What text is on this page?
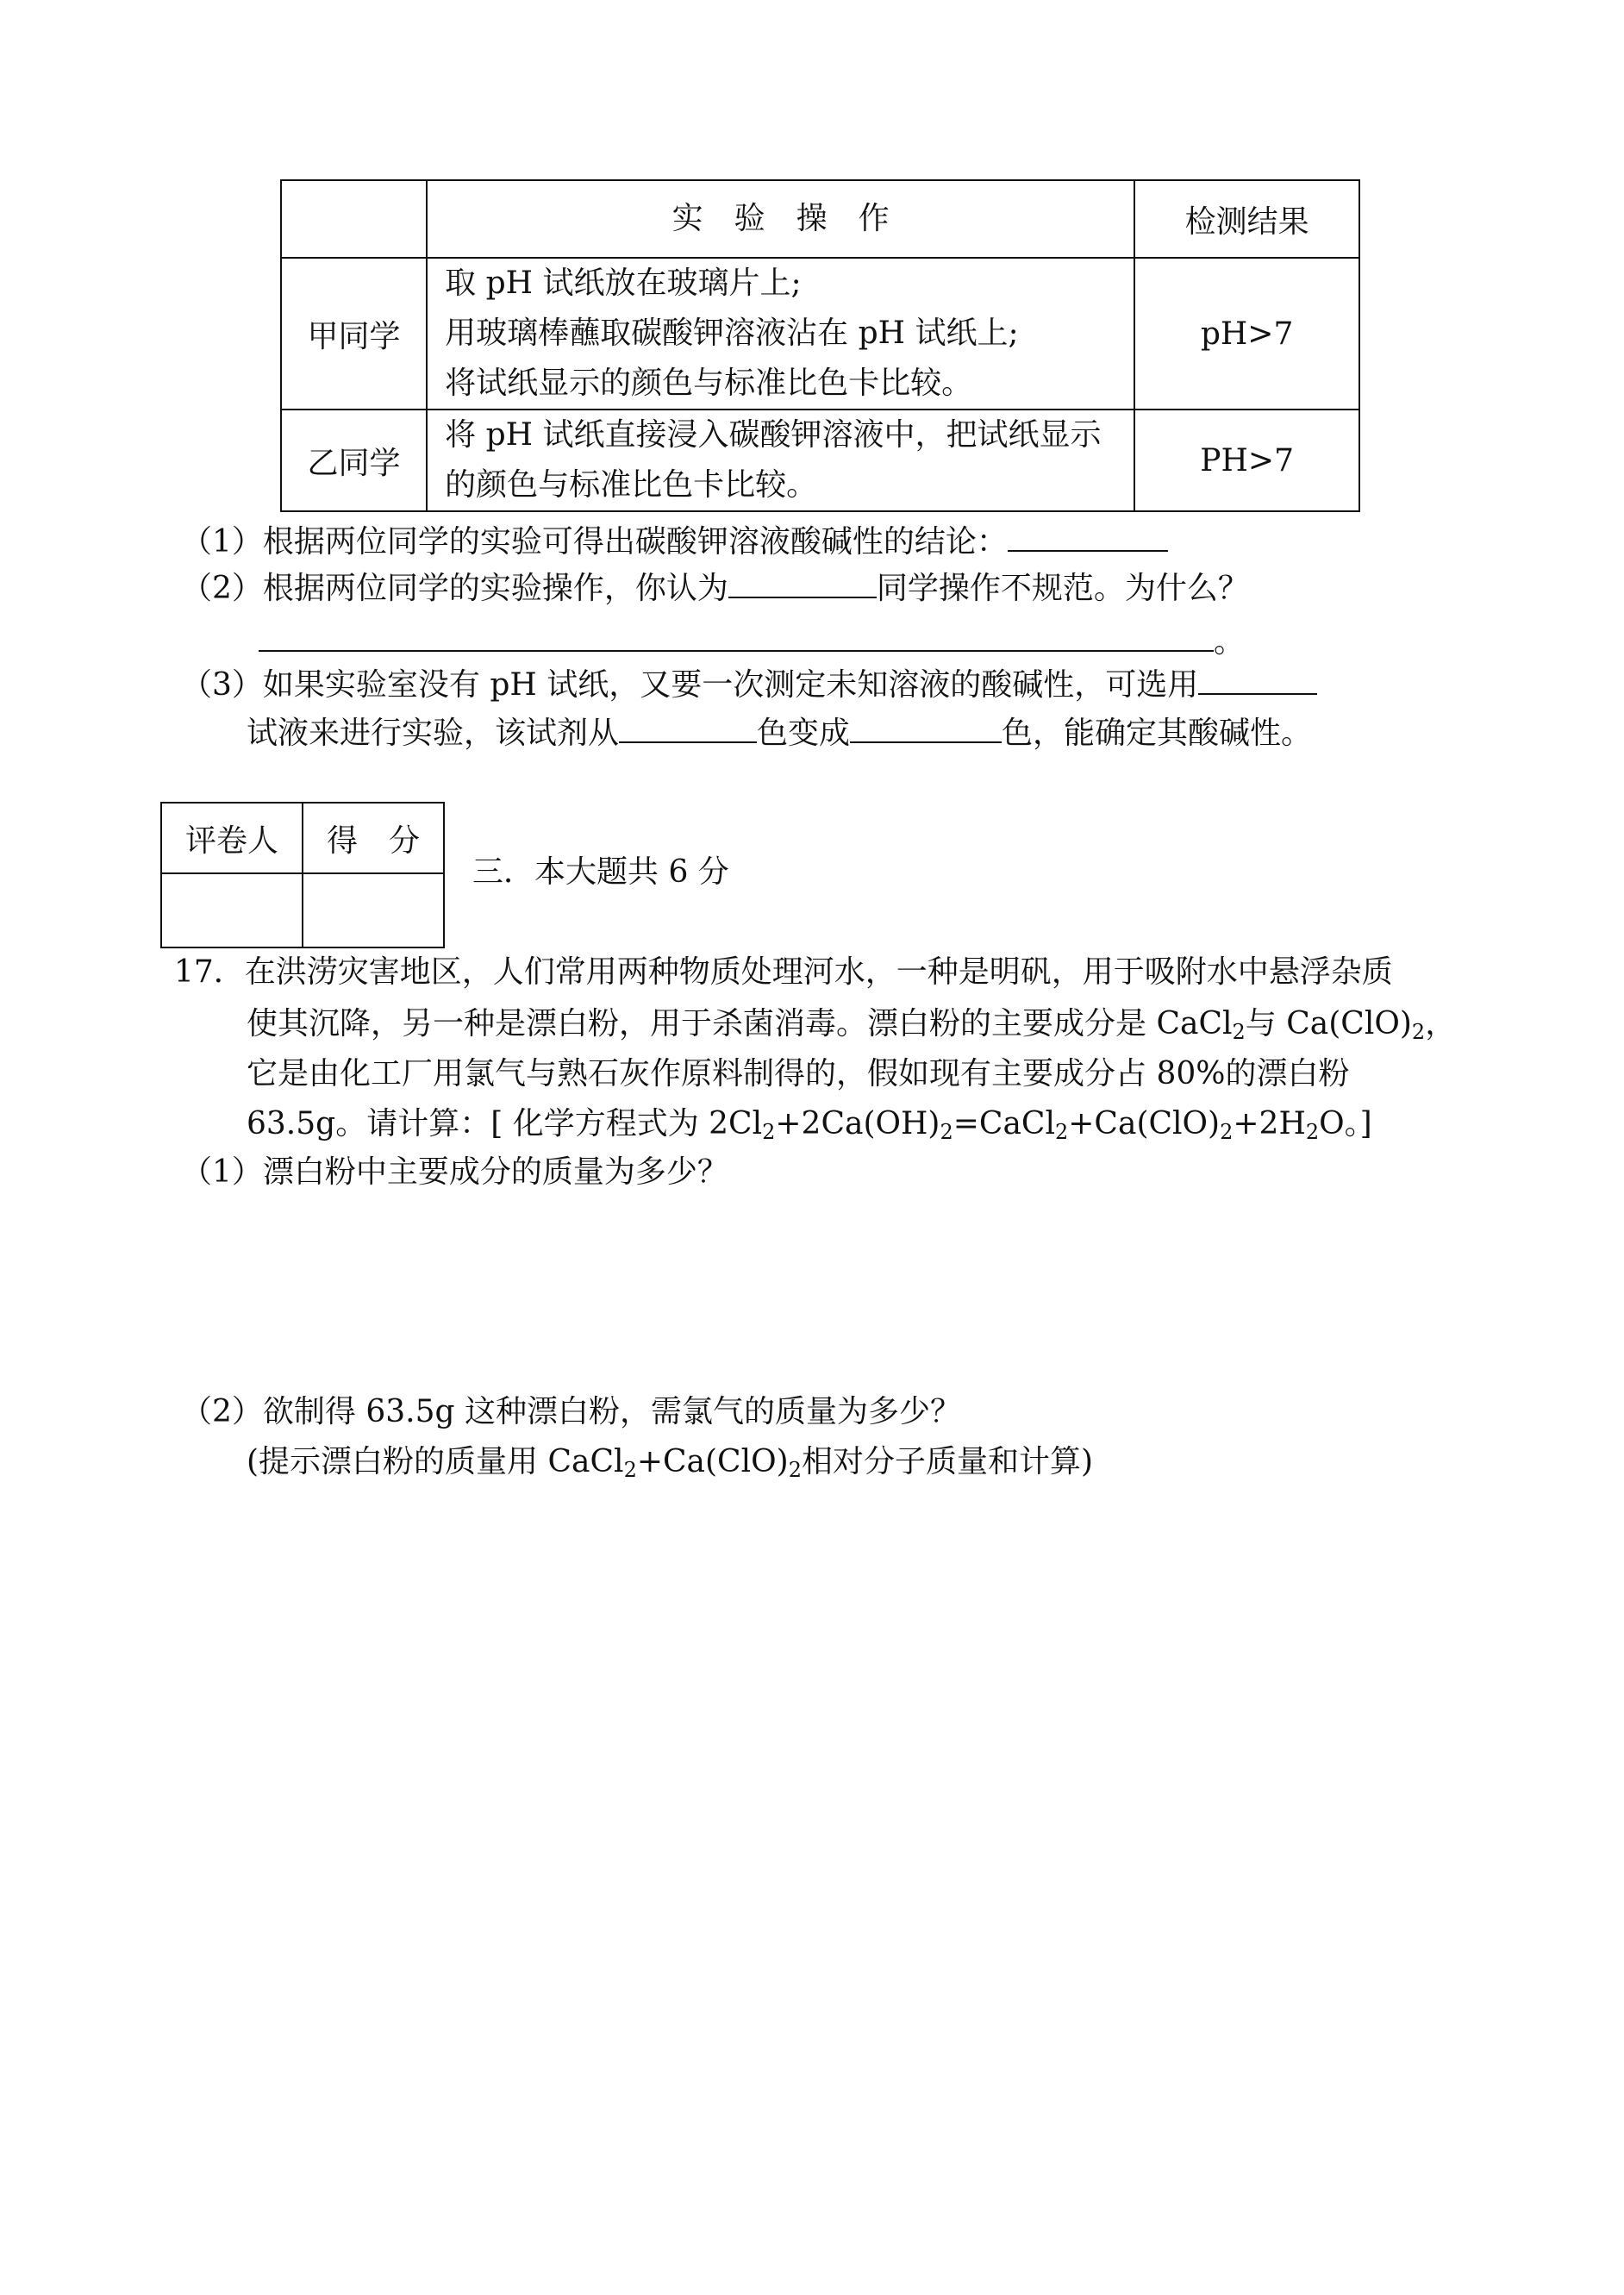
	实　验　操　作	检测结果
甲同学	取 pH 试纸放在玻璃片上;
用玻璃棒蘸取碳酸钾溶液沾在 pH 试纸上;
将试纸显示的颜色与标准比色卡比较。	pH>7
乙同学	将 pH 试纸直接浸入碳酸钾溶液中，把试纸显示
的颜色与标准比色卡比较。	PH>7
（1）根据两位同学的实验可得出碳酸钾溶液酸碱性的结论：
（2）根据两位同学的实验操作，你认为	同学操作不规范。为什么？
。
（3）如果实验室没有 pH 试纸，又要一次测定未知溶液的酸碱性，可选用
试液来进行实验，该试剂从	色变成	色，能确定其酸碱性。
评卷人	得　分

三．本大题共 6 分
17．在洪涝灾害地区，人们常用两种物质处理河水，一种是明矾，用于吸附水中悬浮杂质
使其沉降，另一种是漂白粉，用于杀菌消毒。漂白粉的主要成分是 CaCl$_2$与 $Ca(ClO)_2$，
它是由化工厂用氯气与熟石灰作原料制得的，假如现有主要成分占 80%的漂白粉
63.5g。请计算：[ 化学方程式为 $2Cl_2+2Ca(OH)_2=CaCl_2+Ca(ClO)_2+2H_2O$。]
（1）漂白粉中主要成分的质量为多少？
（2）欲制得 63.5g 这种漂白粉，需氯气的质量为多少？
(提示漂白粉的质量用 $CaCl_2+Ca(ClO)_2$相对分子质量和计算)
